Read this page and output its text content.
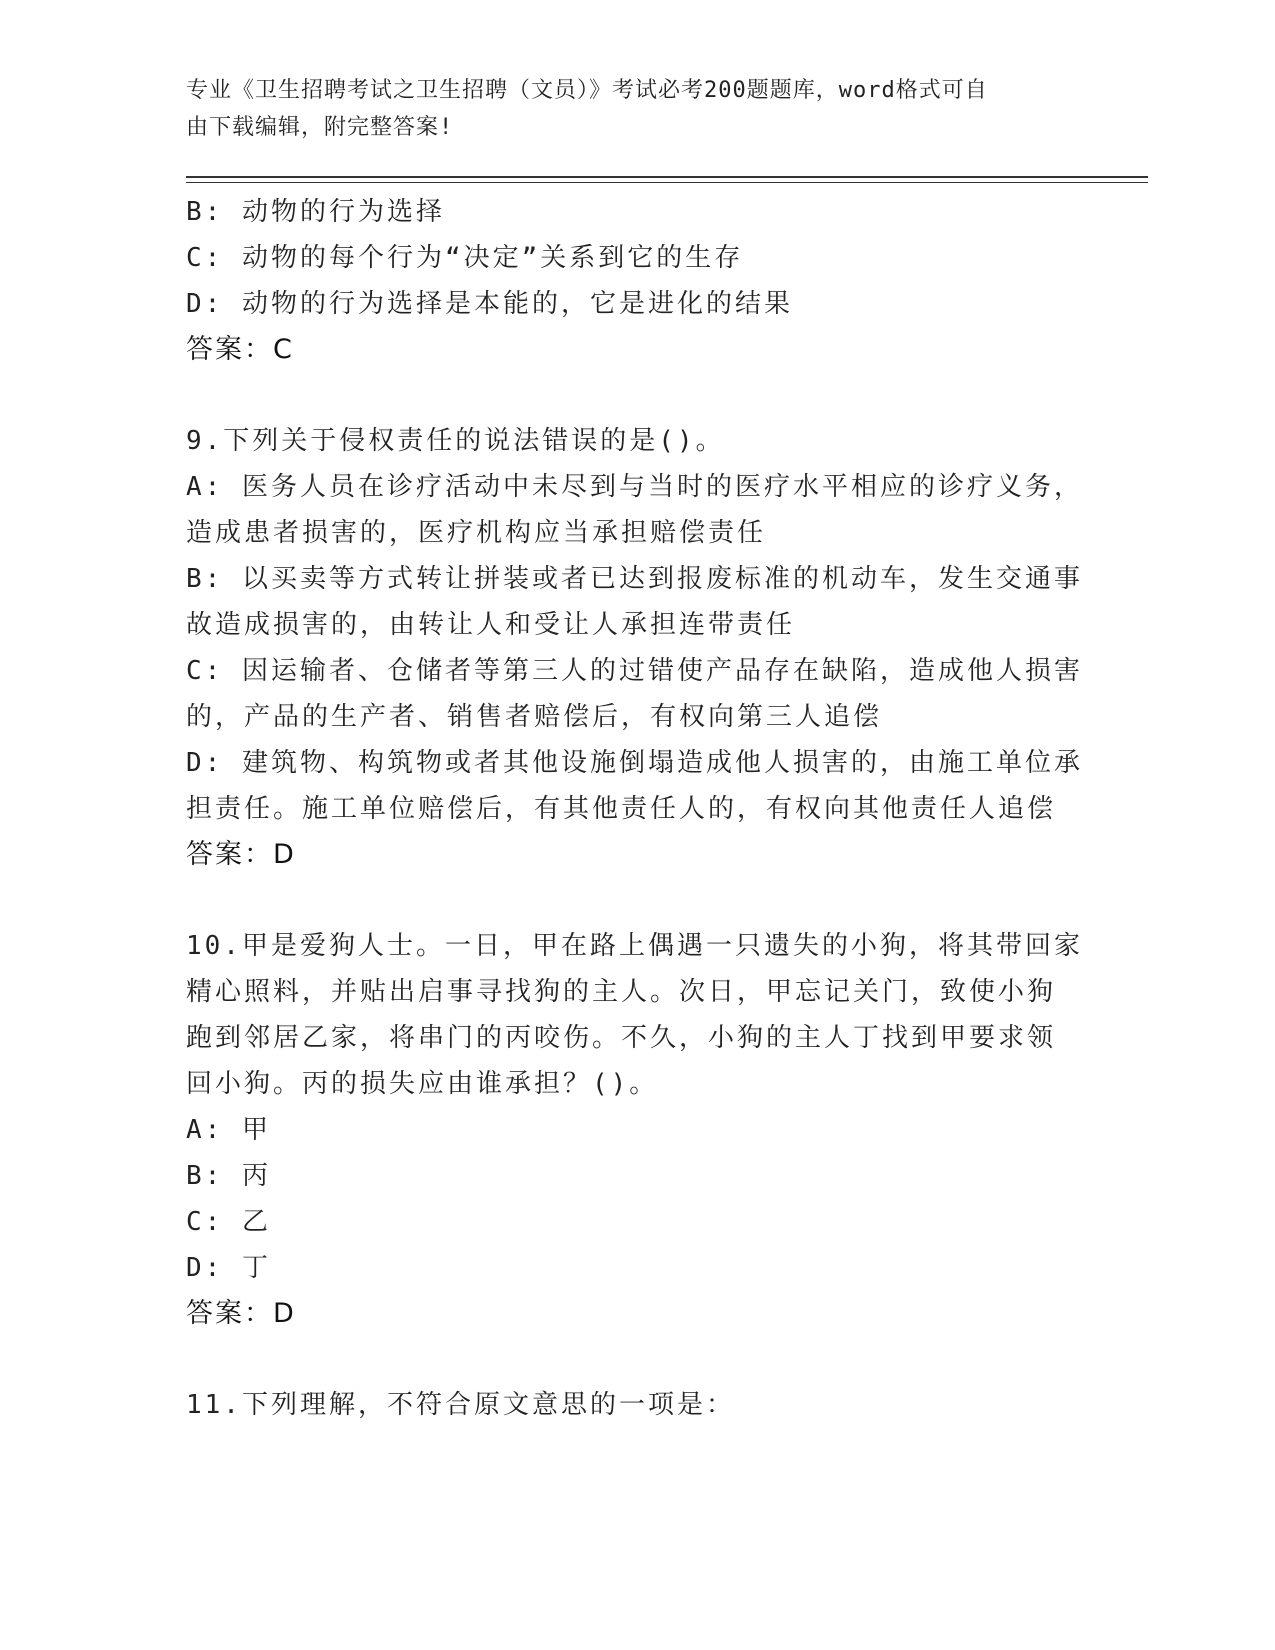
专业《卫生招聘考试之卫生招聘（文员）》考试必考200题题库，word格式可自
由下载编辑，附完整答案!
B: 动物的行为选择
C: 动物的每个行为“决定”关系到它的生存
D: 动物的行为选择是本能的，它是进化的结果
答案：C
9.下列关于侵权责任的说法错误的是()。
A: 医务人员在诊疗活动中未尽到与当时的医疗水平相应的诊疗义务，
造成患者损害的，医疗机构应当承担赔偿责任
B: 以买卖等方式转让拼装或者已达到报废标准的机动车，发生交通事
故造成损害的，由转让人和受让人承担连带责任
C: 因运输者、仓储者等第三人的过错使产品存在缺陷，造成他人损害
的，产品的生产者、销售者赔偿后，有权向第三人追偿
D: 建筑物、构筑物或者其他设施倒塌造成他人损害的，由施工单位承
担责任。施工单位赔偿后，有其他责任人的，有权向其他责任人追偿
答案：D
10.甲是爱狗人士。一日，甲在路上偶遇一只遗失的小狗，将其带回家
精心照料，并贴出启事寻找狗的主人。次日，甲忘记关门，致使小狗
跑到邻居乙家，将串门的丙咬伤。不久，小狗的主人丁找到甲要求领
回小狗。丙的损失应由谁承担？()。
A: 甲
B: 丙
C: 乙
D: 丁
答案：D
11.下列理解，不符合原文意思的一项是：
